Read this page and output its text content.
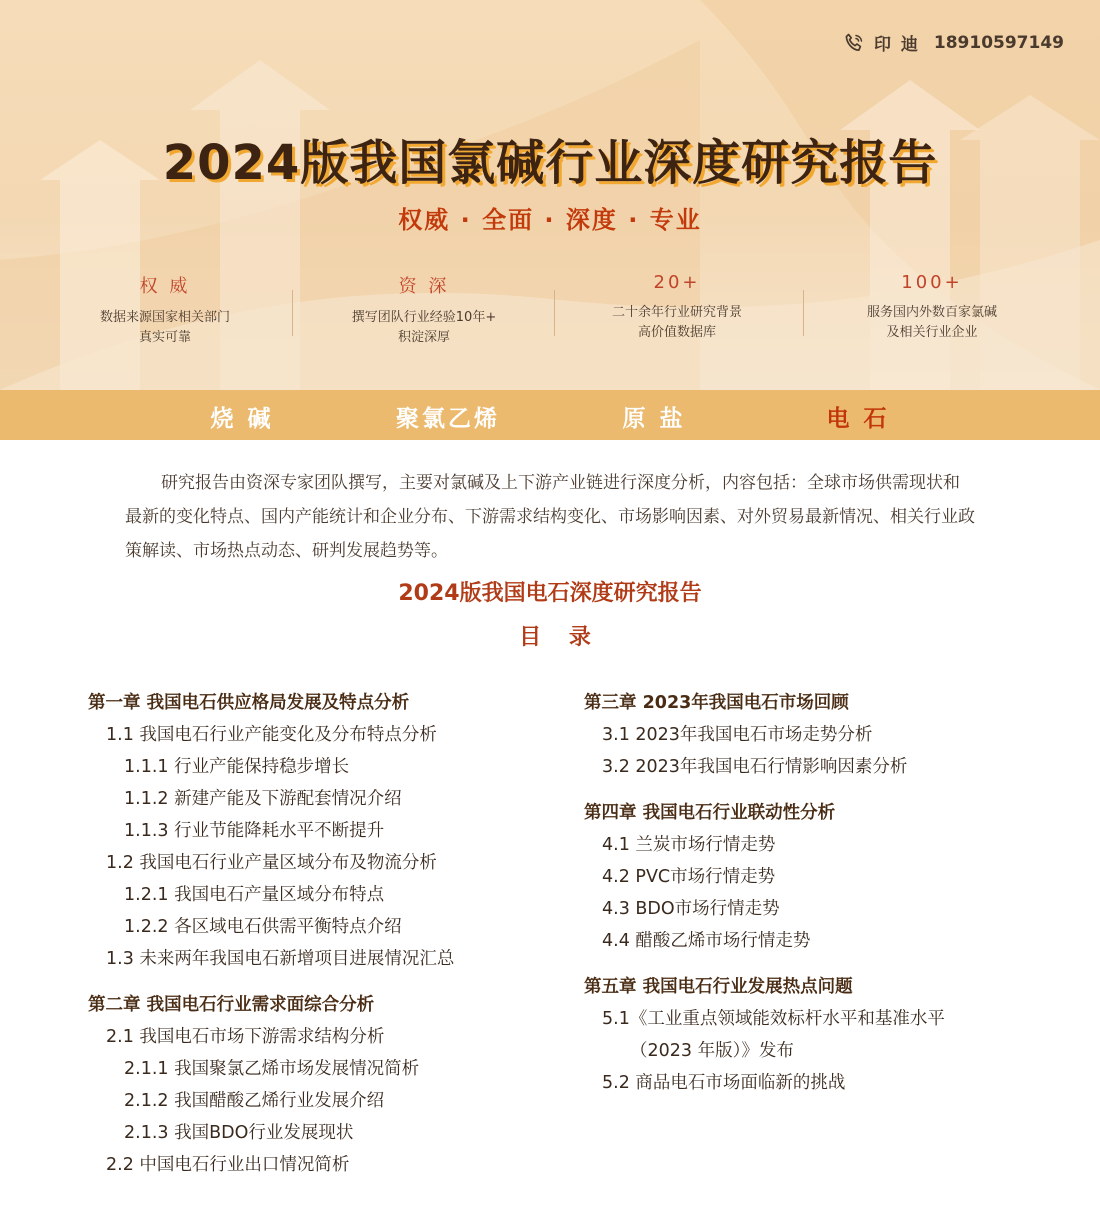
印 迪 18910597149
2024版我国氯碱行业深度研究报告
权威 · 全面 · 深度 · 专业
权 威
数据来源国家相关部门
真实可靠
资 深
撰写团队行业经验10年+
积淀深厚
20+
二十余年行业研究背景
高价值数据库
100+
服务国内外数百家氯碱
及相关行业企业
烧 碱	聚氯乙烯	原 盐	电 石
研究报告由资深专家团队撰写，主要对氯碱及上下游产业链进行深度分析，内容包括：全球市场供需现状和最新的变化特点、国内产能统计和企业分布、下游需求结构变化、市场影响因素、对外贸易最新情况、相关行业政策解读、市场热点动态、研判发展趋势等。
2024版我国电石深度研究报告
目 录
第一章 我国电石供应格局发展及特点分析
1.1 我国电石行业产能变化及分布特点分析
1.1.1 行业产能保持稳步增长
1.1.2 新建产能及下游配套情况介绍
1.1.3 行业节能降耗水平不断提升
1.2 我国电石行业产量区域分布及物流分析
1.2.1 我国电石产量区域分布特点
1.2.2 各区域电石供需平衡特点介绍
1.3 未来两年我国电石新增项目进展情况汇总
第二章 我国电石行业需求面综合分析
2.1 我国电石市场下游需求结构分析
2.1.1 我国聚氯乙烯市场发展情况简析
2.1.2 我国醋酸乙烯行业发展介绍
2.1.3 我国BDO行业发展现状
2.2 中国电石行业出口情况简析
第三章 2023年我国电石市场回顾
3.1 2023年我国电石市场走势分析
3.2 2023年我国电石行情影响因素分析
第四章 我国电石行业联动性分析
4.1 兰炭市场行情走势
4.2 PVC市场行情走势
4.3 BDO市场行情走势
4.4 醋酸乙烯市场行情走势
第五章 我国电石行业发展热点问题
5.1《工业重点领域能效标杆水平和基准水平
（2023 年版）》发布
5.2 商品电石市场面临新的挑战
